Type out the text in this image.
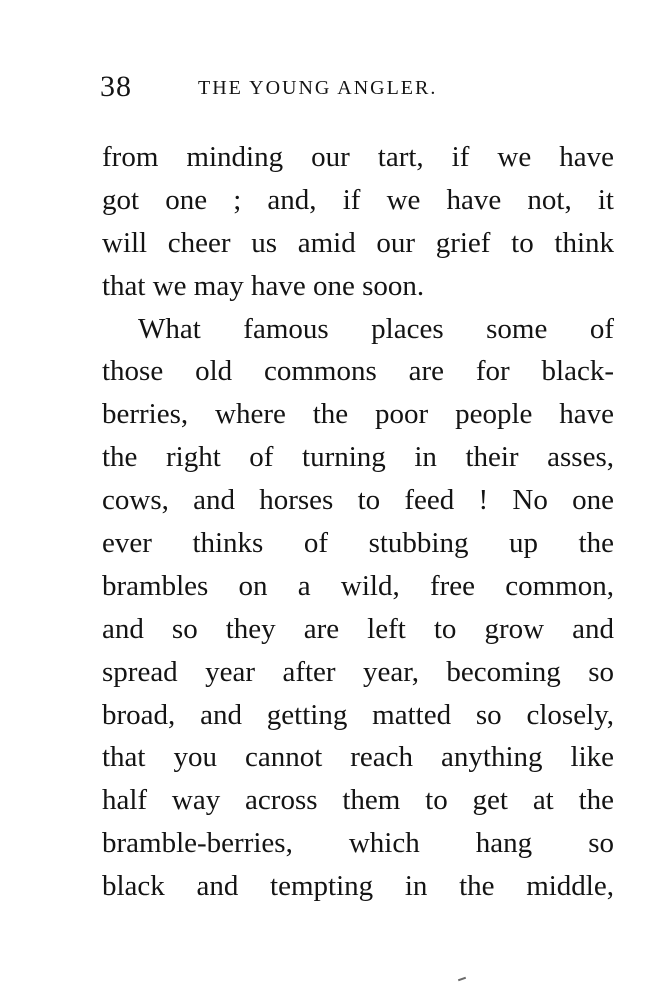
38	THE YOUNG ANGLER.
from minding our tart, if we have
got one ; and, if we have not, it
will cheer us amid our grief to think
that we may have one soon.
What famous places some of
those old commons are for black-
berries, where the poor people have
the right of turning in their asses,
cows, and horses to feed ! No one
ever thinks of stubbing up the
brambles on a wild, free common,
and so they are left to grow and
spread year after year, becoming so
broad, and getting matted so closely,
that you cannot reach anything like
half way across them to get at the
bramble-berries, which hang so
black and tempting in the middle,
